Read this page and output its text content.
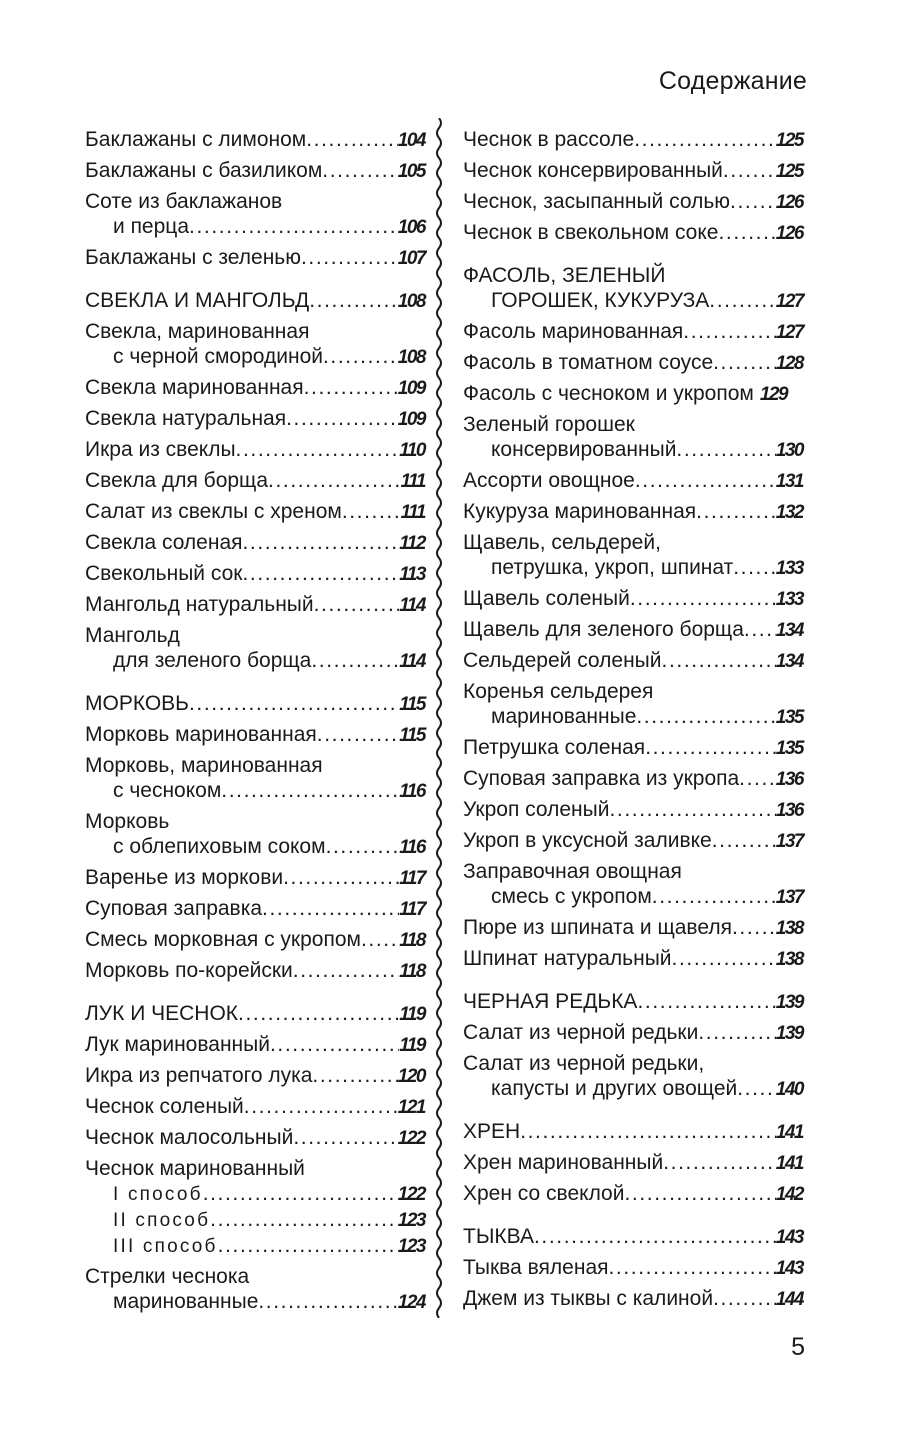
Содержание
Баклажаны с лимоном .....	104
Баклажаны с базиликом .....	105
Соте из баклажанов
и перца .....	106
Баклажаны с зеленью .....	107
СВЕКЛА И МАНГОЛЬД .....	108
Свекла, маринованная
с черной смородиной .....	108
Свекла маринованная .....	109
Свекла натуральная .....	109
Икра из свеклы .....	110
Свекла для борща .....	111
Салат из свеклы с хреном .....	111
Свекла соленая .....	112
Свекольный сок .....	113
Мангольд натуральный .....	114
Мангольд
для зеленого борща .....	114
МОРКОВЬ .....	115
Морковь маринованная .....	115
Морковь, маринованная
с чесноком .....	116
Морковь
с облепиховым соком .....	116
Варенье из моркови .....	117
Суповая заправка .....	117
Смесь морковная с укропом ..... 118
Морковь по-корейски .....	118
ЛУК И ЧЕСНОК .....	119
Лук маринованный .....	119
Икра из репчатого лука .....	120
Чеснок соленый .....	121
Чеснок малосольный .....	122
Чеснок маринованный
I способ .....	122
II способ .....	123
III способ .....	123
Стрелки чеснока
маринованные .....	124
Чеснок в рассоле .....	125
Чеснок консервированный .....	125
Чеснок, засыпанный солью ..... 126
Чеснок в свекольном соке .....	126
ФАСОЛЬ, ЗЕЛЕНЫЙ
ГОРОШЕК, КУКУРУЗА .....	127
Фасоль маринованная .....	127
Фасоль в томатном соусе .....	128
Фасоль с чесноком и укропом 129
Зеленый горошек
консервированный .....	130
Ассорти овощное .....	131
Кукуруза маринованная .....	132
Щавель, сельдерей,
петрушка, укроп, шпинат ..... 133
Щавель соленый .....	133
Щавель для зеленого борща ..... 134
Сельдерей соленый .....	134
Коренья сельдерея
маринованные .....	135
Петрушка соленая .....	135
Суповая заправка из укропа ..... 136
Укроп соленый .....	136
Укроп в уксусной заливке .....	137
Заправочная овощная
смесь с укропом .....	137
Пюре из шпината и щавеля ..... 138
Шпинат натуральный .....	138
ЧЕРНАЯ РЕДЬКА .....	139
Салат из черной редьки .....	139
Салат из черной редьки,
капусты и других овощей ..... 140
ХРЕН .....	141
Хрен маринованный .....	141
Хрен со свеклой .....	142
ТЫКВА .....	143
Тыква вяленая .....	143
Джем из тыквы с калиной .....	144
5
